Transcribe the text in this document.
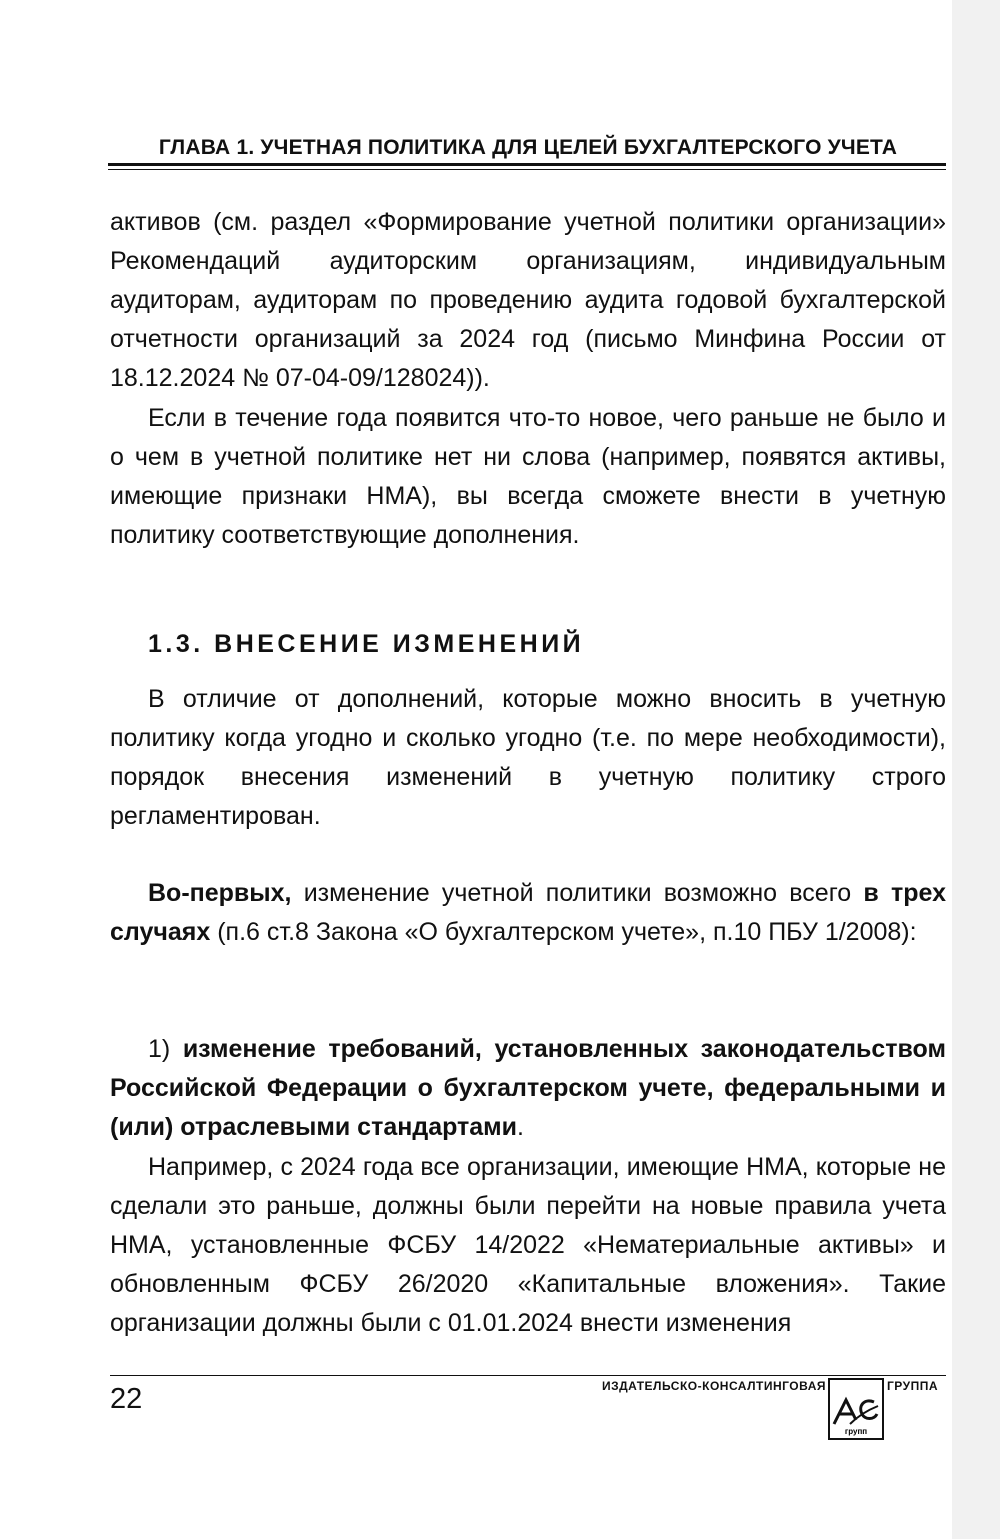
ГЛАВА 1. УЧЕТНАЯ ПОЛИТИКА ДЛЯ ЦЕЛЕЙ БУХГАЛТЕРСКОГО УЧЕТА

активов (см. раздел «Формирование учетной политики организации» Рекомендаций аудиторским организациям, индивидуальным аудиторам, аудиторам по проведению аудита годовой бухгалтерской отчетности организаций за 2024 год (письмо Минфина России от 18.12.2024 № 07-04-09/128024)).

Если в течение года появится что-то новое, чего раньше не было и о чем в учетной политике нет ни слова (например, появятся активы, имеющие признаки НМА), вы всегда сможете внести в учетную политику соответствующие дополнения.

1.3. ВНЕСЕНИЕ ИЗМЕНЕНИЙ

В отличие от дополнений, которые можно вносить в учетную политику когда угодно и сколько угодно (т.е. по мере необходимости), порядок внесения изменений в учетную политику строго регламентирован.

Во-первых, изменение учетной политики возможно всего в трех случаях (п.6 ст.8 Закона «О бухгалтерском учете», п.10 ПБУ 1/2008):

1) изменение требований, установленных законодательством Российской Федерации о бухгалтерском учете, федеральными и (или) отраслевыми стандартами.

Например, с 2024 года все организации, имеющие НМА, которые не сделали это раньше, должны были перейти на новые правила учета НМА, установленные ФСБУ 14/2022 «Нематериальные активы» и обновленным ФСБУ 26/2020 «Капитальные вложения». Такие организации должны были с 01.01.2024 внести изменения

22	ИЗДАТЕЛЬСКО-КОНСАЛТИНГОВАЯ
групп
ГРУППА
